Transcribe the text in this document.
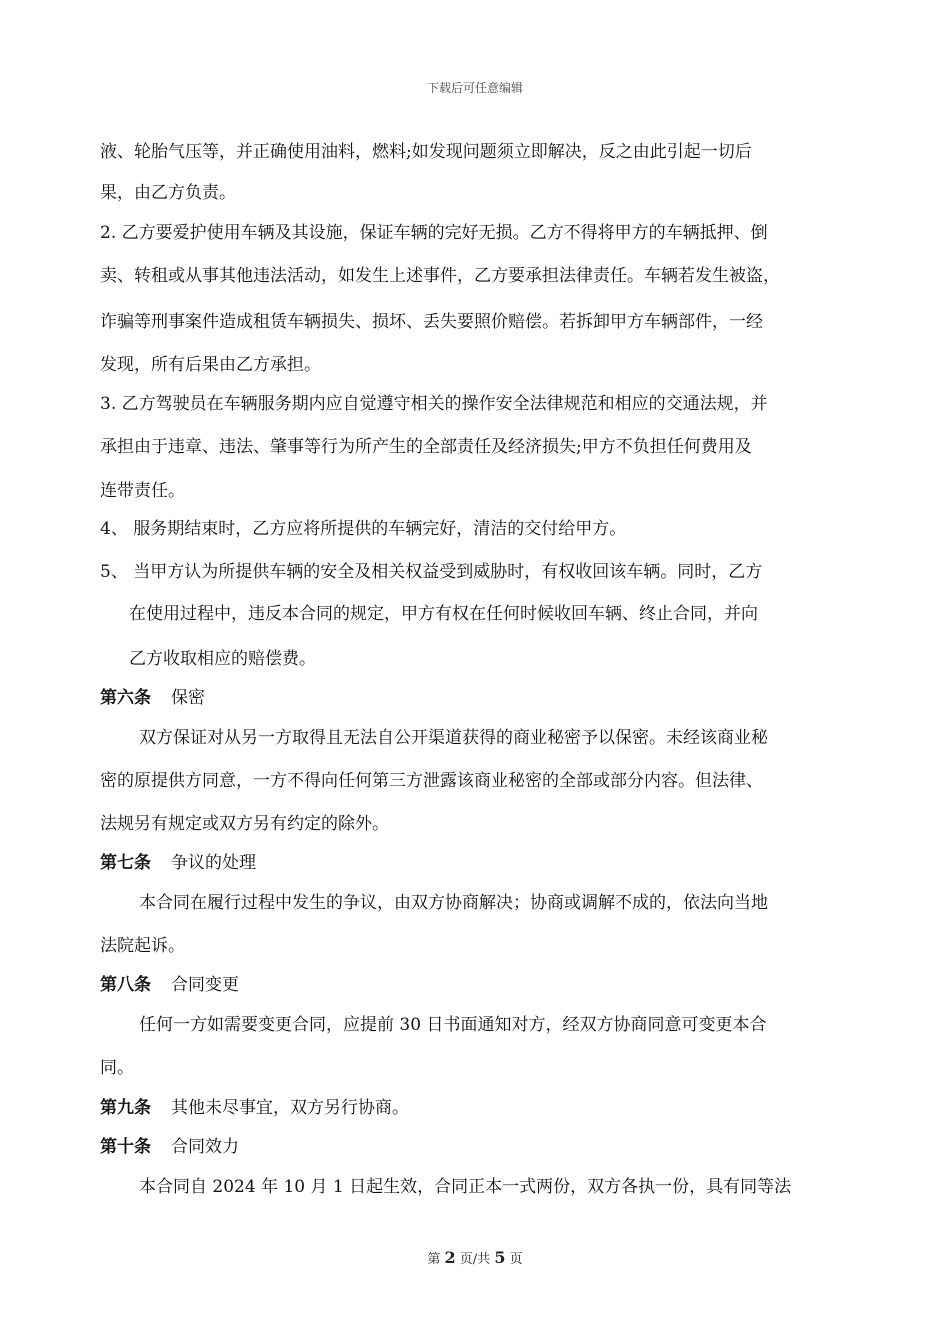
下载后可任意编辑
液、轮胎气压等，并正确使用油料，燃料;如发现问题须立即解决，反之由此引起一切后
果，由乙方负责。
2. 乙方要爱护使用车辆及其设施，保证车辆的完好无损。乙方不得将甲方的车辆抵押、倒
卖、转租或从事其他违法活动，如发生上述事件，乙方要承担法律责任。车辆若发生被盗，
诈骗等刑事案件造成租赁车辆损失、损坏、丢失要照价赔偿。若拆卸甲方车辆部件，一经
发现，所有后果由乙方承担。
3. 乙方驾驶员在车辆服务期内应自觉遵守相关的操作安全法律规范和相应的交通法规，并
承担由于违章、违法、肇事等行为所产生的全部责任及经济损失;甲方不负担任何费用及
连带责任。
4、 服务期结束时，乙方应将所提供的车辆完好，清洁的交付给甲方。
5、 当甲方认为所提供车辆的安全及相关权益受到威胁时，有权收回该车辆。同时，乙方
在使用过程中，违反本合同的规定，甲方有权在任何时候收回车辆、终止合同，并向
乙方收取相应的赔偿费。
第六条 保密
双方保证对从另一方取得且无法自公开渠道获得的商业秘密予以保密。未经该商业秘
密的原提供方同意，一方不得向任何第三方泄露该商业秘密的全部或部分内容。但法律、
法规另有规定或双方另有约定的除外。
第七条 争议的处理
本合同在履行过程中发生的争议，由双方协商解决；协商或调解不成的，依法向当地
法院起诉。
第八条 合同变更
任何一方如需要变更合同，应提前 30 日书面通知对方，经双方协商同意可变更本合
同。
第九条 其他未尽事宜，双方另行协商。
第十条 合同效力
本合同自 2024 年 10 月 1 日起生效，合同正本一式两份，双方各执一份，具有同等法
第 2 页/共 5 页
